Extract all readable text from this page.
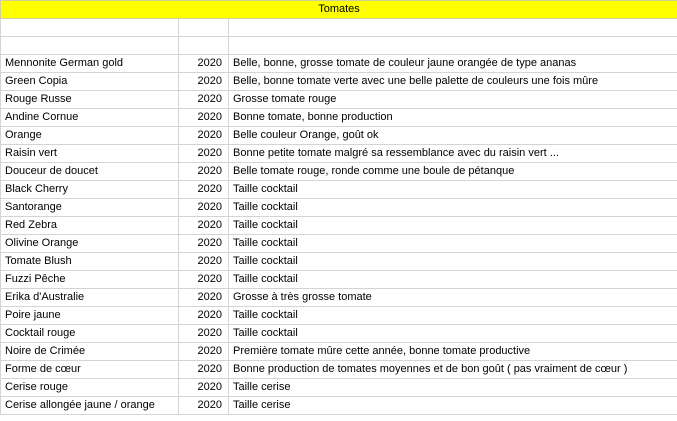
Tomates		

Mennonite German gold	2020	Belle, bonne, grosse tomate de couleur jaune orangée de type ananas
Green Copia	2020	Belle, bonne tomate verte avec une belle palette de couleurs une fois mûre
Rouge Russe	2020	Grosse tomate rouge
Andine Cornue	2020	Bonne tomate, bonne production
Orange	2020	Belle couleur Orange, goût ok
Raisin vert	2020	Bonne petite tomate malgré sa ressemblance avec du raisin vert ...
Douceur de doucet	2020	Belle tomate rouge, ronde comme une boule de pétanque
Black Cherry	2020	Taille cocktail
Santorange	2020	Taille cocktail
Red Zebra	2020	Taille cocktail
Olivine Orange	2020	Taille cocktail
Tomate Blush	2020	Taille cocktail
Fuzzi Pêche	2020	Taille cocktail
Erika d'Australie	2020	Grosse à très grosse tomate
Poire jaune	2020	Taille cocktail
Cocktail rouge	2020	Taille cocktail
Noire de Crimée	2020	Première tomate mûre cette année, bonne tomate productive
Forme de cœur	2020	Bonne production de tomates moyennes et de bon goût ( pas vraiment de cœur )
Cerise rouge	2020	Taille cerise
Cerise allongée jaune / orange	2020	Taille cerise
